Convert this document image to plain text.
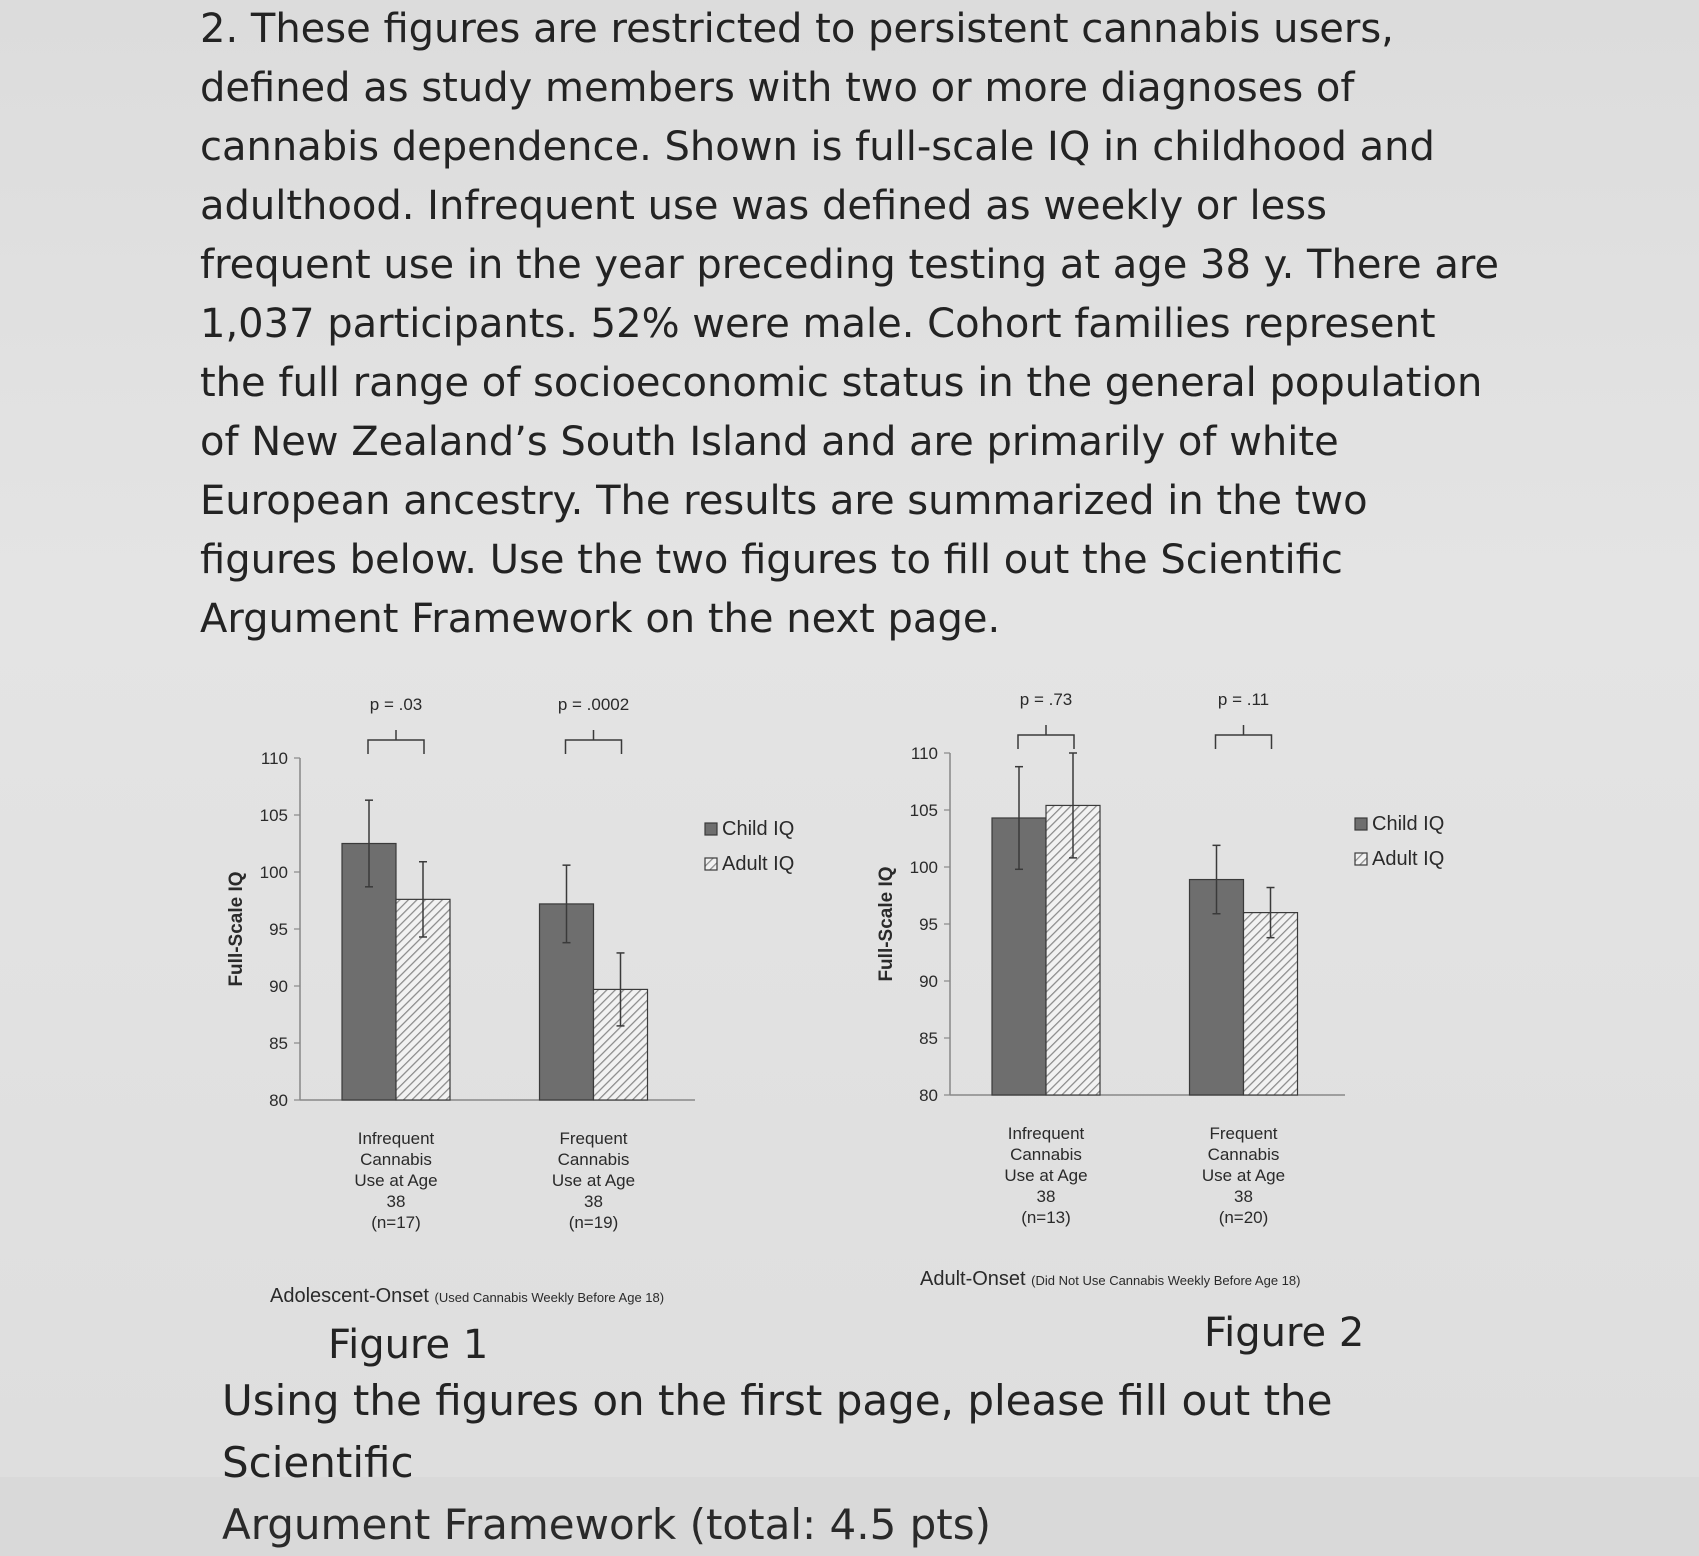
2. These figures are restricted to persistent cannabis users, defined as study members with two or more diagnoses of cannabis dependence. Shown is full-scale IQ in childhood and adulthood. Infrequent use was defined as weekly or less frequent use in the year preceding testing at age 38 y. There are 1,037 participants. 52% were male. Cohort families represent the full range of socioeconomic status in the general population of New Zealand’s South Island and are primarily of white European ancestry. The results are summarized in the two figures below. Use the two figures to fill out the Scientific Argument Framework on the next page.

80
85
90
95
100
105
110
Full-Scale IQ
p = .03
Infrequent
Cannabis
Use at Age
38
(n=17)
p = .0002
Frequent
Cannabis
Use at Age
38
(n=19)
Child IQ
Adult IQ
Adolescent-Onset (Used Cannabis Weekly Before Age 18)
80
85
90
95
100
105
110
Full-Scale IQ
p = .73
Infrequent
Cannabis
Use at Age
38
(n=13)
p = .11
Frequent
Cannabis
Use at Age
38
(n=20)
Child IQ
Adult IQ
Adult-Onset (Did Not Use Cannabis Weekly Before Age 18)
Figure 1	Figure 2
Using the figures on the first page, please fill out the Scientific
Argument Framework (total: 4.5 pts)
